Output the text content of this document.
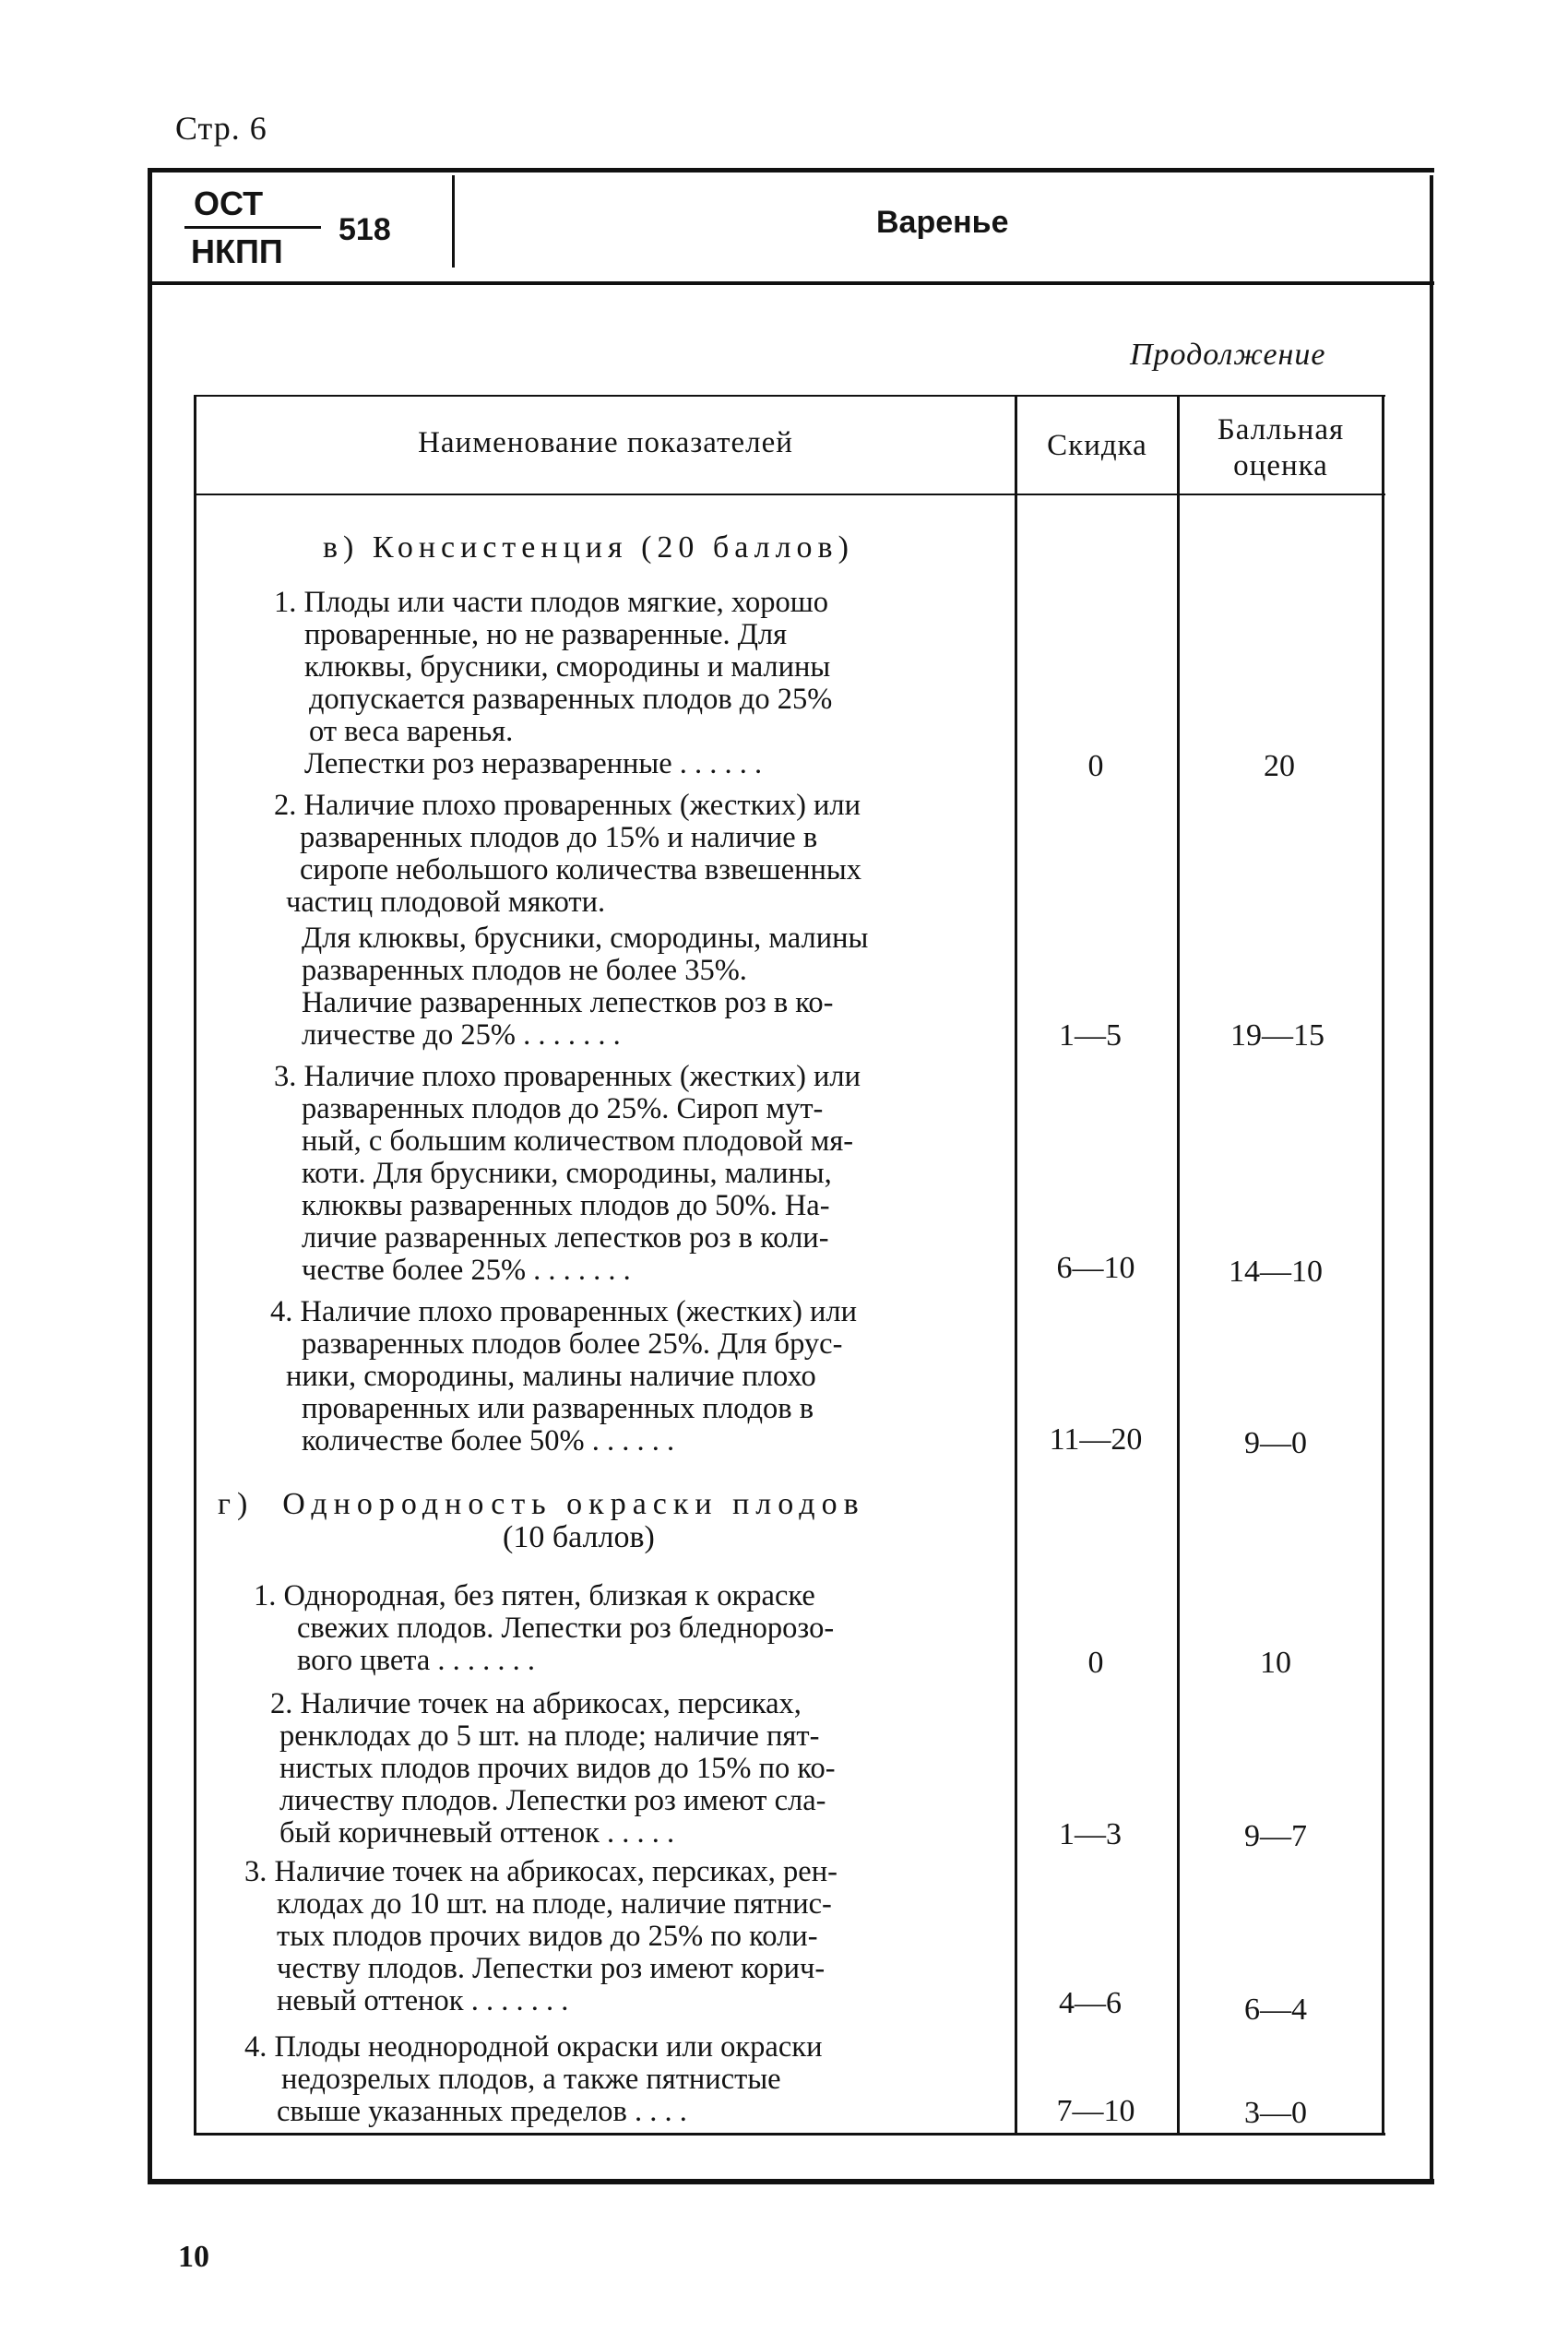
Стр. 6
ОСТ
НКПП
518	Варенье
Продолжение
Наименование показателей	Скидка	Балльная
оценка
в) Консистенция (20 баллов)
1. Плоды или части плодов мягкие, хорошо
проваренные, но не разваренные. Для
клюквы, брусники, смородины и малины
допускается разваренных плодов до 25%
от веса варенья.
Лепестки роз неразваренные . . . . . .	0	20
2. Наличие плохо проваренных (жестких) или
разваренных плодов до 15% и наличие в
сиропе небольшого количества взвешенных
частиц плодовой мякоти.
Для клюквы, брусники, смородины, малины
разваренных плодов не более 35%.
Наличие разваренных лепестков роз в ко-
личестве до 25% . . . . . . .	1—5	19—15
3. Наличие плохо проваренных (жестких) или
разваренных плодов до 25%. Сироп мут-
ный, с большим количеством плодовой мя-
коти. Для брусники, смородины, малины,
клюквы разваренных плодов до 50%. На-
личие разваренных лепестков роз в коли-
честве более 25% . . . . . . .	6—10	14—10
4. Наличие плохо проваренных (жестких) или
разваренных плодов более 25%. Для брус-
ники, смородины, малины наличие плохо
проваренных или разваренных плодов в
количестве более 50% . . . . . .	11—20	9—0
г)  Однородность окраски плодов
(10 баллов)
1. Однородная, без пятен, близкая к окраске
свежих плодов. Лепестки роз бледнорозо-
вого цвета . . . . . . .	0	10
2. Наличие точек на абрикосах, персиках,
ренклодах до 5 шт. на плоде; наличие пят-
нистых плодов прочих видов до 15% по ко-
личеству плодов. Лепестки роз имеют сла-
бый коричневый оттенок . . . . .	1—3	9—7
3. Наличие точек на абрикосах, персиках, рен-
клодах до 10 шт. на плоде, наличие пятнис-
тых плодов прочих видов до 25% по коли-
честву плодов. Лепестки роз имеют корич-
невый оттенок . . . . . . .	4—6	6—4
4. Плоды неоднородной окраски или окраски
недозрелых плодов, а также пятнистые
свыше указанных пределов . . . .	7—10	3—0
10
